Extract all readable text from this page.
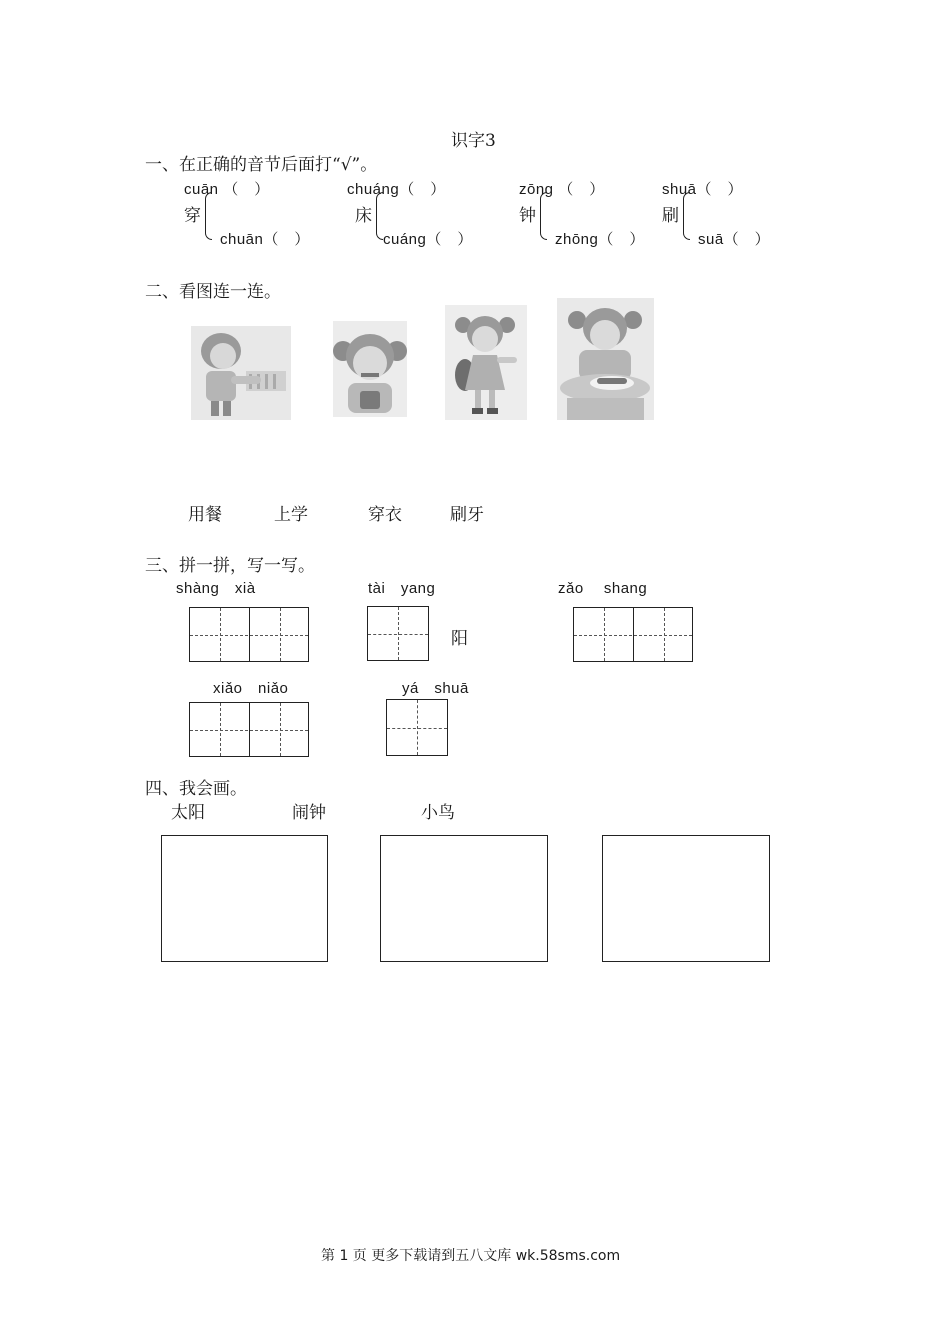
识字3
一、在正确的音节后面打“√”。
cuān （　）
穿
chuān（　）
chuáng（　）
床
cuáng（　）
zōng （　）
钟
zhōng（　）
shuā（　）
刷
suā（　）
二、看图连一连。
用餐	上学	穿衣	刷牙
三、拼一拼，写一写。
shàng　xià	tài　yang
阳
zǎo　 shang
xiǎo　niǎo	yá　shuā
四、我会画。
太阳	闹钟	小鸟
第 1 页 更多下载请到五八文库 wk.58sms.com
